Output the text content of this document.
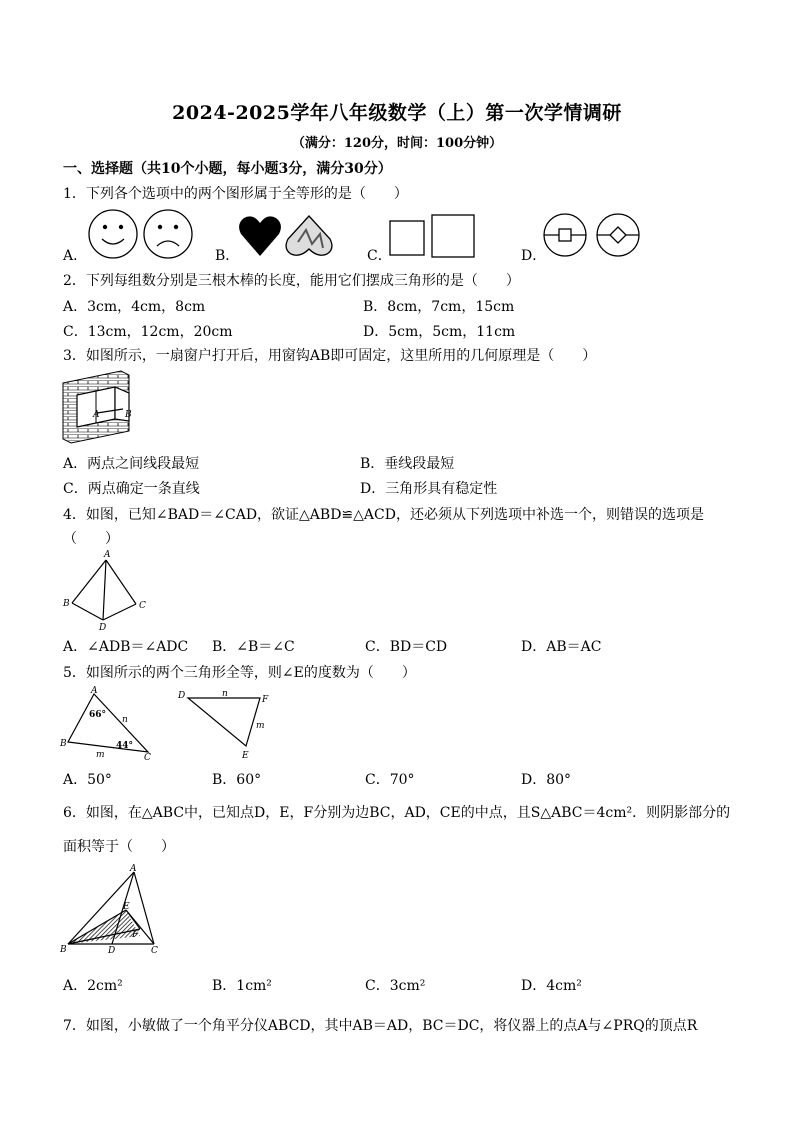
2024-2025学年八年级数学（上）第一次学情调研
（满分：120分，时间：100分钟）
一、选择题（共10个小题，每小题3分，满分30分）
1．下列各个选项中的两个图形属于全等形的是（　　）
A．	B．	C．	D．
2．下列每组数分别是三根木棒的长度，能用它们摆成三角形的是（　　）
A．3cm，4cm，8cm	B．8cm，7cm，15cm
C．13cm，12cm，20cm	D．5cm，5cm，11cm
3．如图所示，一扇窗户打开后，用窗钩AB即可固定，这里所用的几何原理是（　　）
A	B
A．两点之间线段最短	B．垂线段最短
C．两点确定一条直线	D．三角形具有稳定性
4．如图，已知∠BAD＝∠CAD，欲证△ABD≌△ACD，还必须从下列选项中补选一个，则错误的选项是
（　　）
A
B	C
D
A．∠ADB＝∠ADC B．∠B＝∠C	C．BD＝CD	D．AB＝AC
5．如图所示的两个三角形全等，则∠E的度数为（　　）
A
B
C
66°
44°
n
m
D	F
E
n
m
A．50°	B．60°	C．70°	D．80°
6．如图，在△ABC中，已知点D，E，F分别为边BC，AD，CE的中点，且S△ABC＝4cm²．则阴影部分的
面积等于（　　）
A
B	C
D
E
F
A．2cm²	B．1cm²	C．3cm²	D．4cm²
7．如图，小敏做了一个角平分仪ABCD，其中AB＝AD，BC＝DC，将仪器上的点A与∠PRQ的顶点R
